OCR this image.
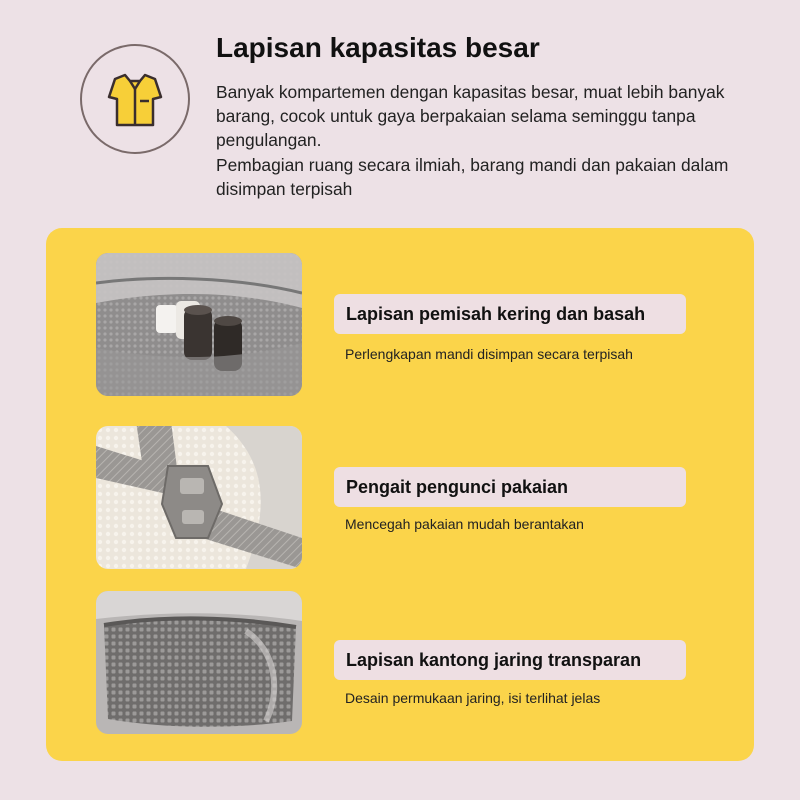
Lapisan kapasitas besar

Banyak kompartemen dengan kapasitas besar, muat lebih banyak barang, cocok untuk gaya berpakaian selama seminggu tanpa pengulangan.

Pembagian ruang secara ilmiah, barang mandi dan pakaian dalam disimpan terpisah

Lapisan pemisah kering dan basah
Perlengkapan mandi disimpan secara terpisah
Pengait pengunci pakaian
Mencegah pakaian mudah berantakan
Lapisan kantong jaring transparan
Desain permukaan jaring, isi terlihat jelas
